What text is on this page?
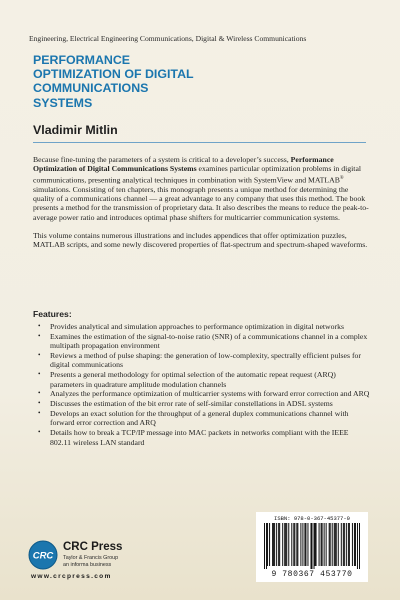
Engineering, Electrical Engineering Communications, Digital & Wireless Communications
PERFORMANCE
OPTIMIZATION OF DIGITAL
COMMUNICATIONS
SYSTEMS
Vladimir Mitlin

Because fine-tuning the parameters of a system is critical to a developer’s success, Performance Optimization of Digital Communications Systems examines particular optimization problems in digital communications, presenting analytical techniques in combination with SystemView and MATLAB® simulations. Consisting of ten chapters, this monograph presents a unique method for determining the quality of a communications channel — a great advantage to any company that uses this method. The book presents a method for the transmission of proprietary data. It also describes the means to reduce the peak-to-average power ratio and introduces optimal phase shifters for multicarrier communication systems.

This volume contains numerous illustrations and includes appendices that offer optimization puzzles, MATLAB scripts, and some newly discovered properties of flat-spectrum and spectrum-shaped waveforms.

Features:
• Provides analytical and simulation approaches to performance optimization in digital networks
• Examines the estimation of the signal-to-noise ratio (SNR) of a communications channel in a complex multipath propagation environment
• Reviews a method of pulse shaping: the generation of low-complexity, spectrally efficient pulses for digital communications
• Presents a general methodology for optimal selection of the automatic repeat request (ARQ) parameters in quadrature amplitude modulation channels
• Analyzes the performance optimization of multicarrier systems with forward error correction and ARQ
• Discusses the estimation of the bit error rate of self-similar constellations in ADSL systems
• Develops an exact solution for the throughput of a general duplex communications channel with forward error correction and ARQ
• Details how to break a TCP/IP message into MAC packets in networks compliant with the IEEE 802.11 wireless LAN standard
CRC
CRC Press
Taylor & Francis Group
an informa business
www.crcpress.com
ISBN: 978-0-367-45377-0
9 780367 453770
